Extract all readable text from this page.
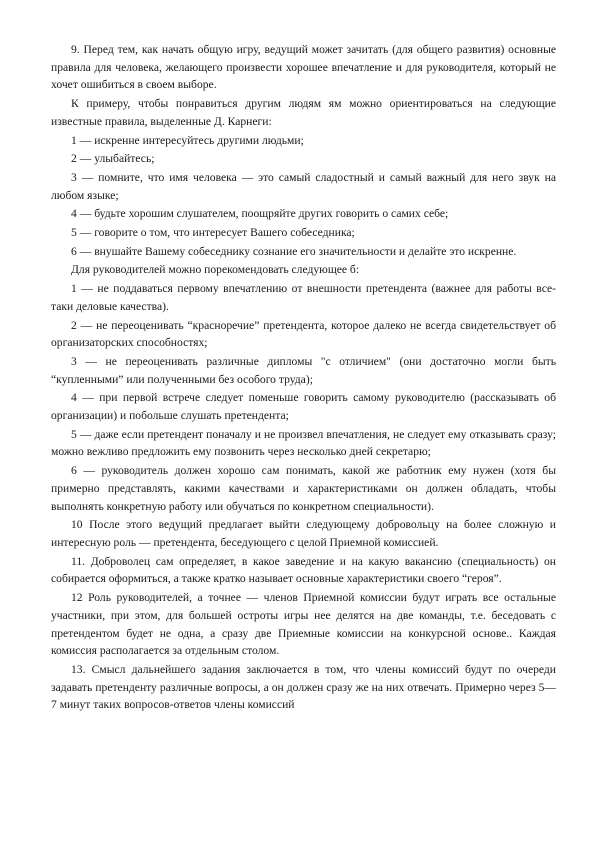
9. Перед тем, как начать общую игру, ведущий может зачитать (для общего развития) основные правила для человека, желающего произвести хорошее впечатление и для руководителя, который не хочет ошибиться в своем выборе.

К примеру, чтобы понравиться другим людям ям можно ориентироваться на следующие известные правила, выделенные Д. Карнеги:

1 — искренне интересуйтесь другими людьми;

2 — улыбайтесь;

3 — помните, что имя человека — это самый сладостный и самый важный для него звук на любом языке;

4 — будьте хорошим слушателем, поощряйте других говорить о самих себе;

5 — говорите о том, что интересует Вашего собеседника;

6 — внушайте Вашему собеседнику сознание его значительности и делайте это искренне.

Для руководителей можно порекомендовать следующее б:

1 — не поддаваться первому впечатлению от внешности претендента (важнее для работы все-таки деловые качества).

2 — не переоценивать “красноречие” претендента, которое далеко не всегда свидетельствует об организаторских способностях;

3 — не переоценивать различные дипломы "с отличием" (они достаточно могли быть “купленными” или полученными без особого труда);

4 — при первой встрече следует поменьше говорить самому руководителю (рассказывать об организации) и побольше слушать претендента;

5 — даже если претендент поначалу и не произвел впечатления, не следует ему отказывать сразу; можно вежливо предложить ему позвонить через несколько дней секретарю;

6 — руководитель должен хорошо сам понимать, какой же работник ему нужен (хотя бы примерно представлять, какими качествами и характеристиками он должен обладать, чтобы выполнять конкретную работу или обучаться по конкретном специальности).

10 После этого ведущий предлагает выйти следующему добровольцу на более сложную и интересную роль — претендента, беседующего с целой Приемной комиссией.

11. Доброволец сам определяет, в какое заведение и на какую вакансию (специальность) он собирается оформиться, а также кратко называет основные характеристики своего “героя”.

12 Роль руководителей, а точнее — членов Приемной комиссии будут играть все остальные участники, при этом, для большей остроты игры нее делятся на две команды, т.е. беседовать с претендентом будет не одна, а сразу две Приемные комиссии на конкурсной основе.. Каждая комиссия располагается за отдельным столом.

13. Смысл дальнейшего задания заключается в том, что члены комиссий будут по очереди задавать претенденту различные вопросы, а он должен сразу же на них отвечать. Примерно через 5—7 минут таких вопросов-ответов члены комиссий
